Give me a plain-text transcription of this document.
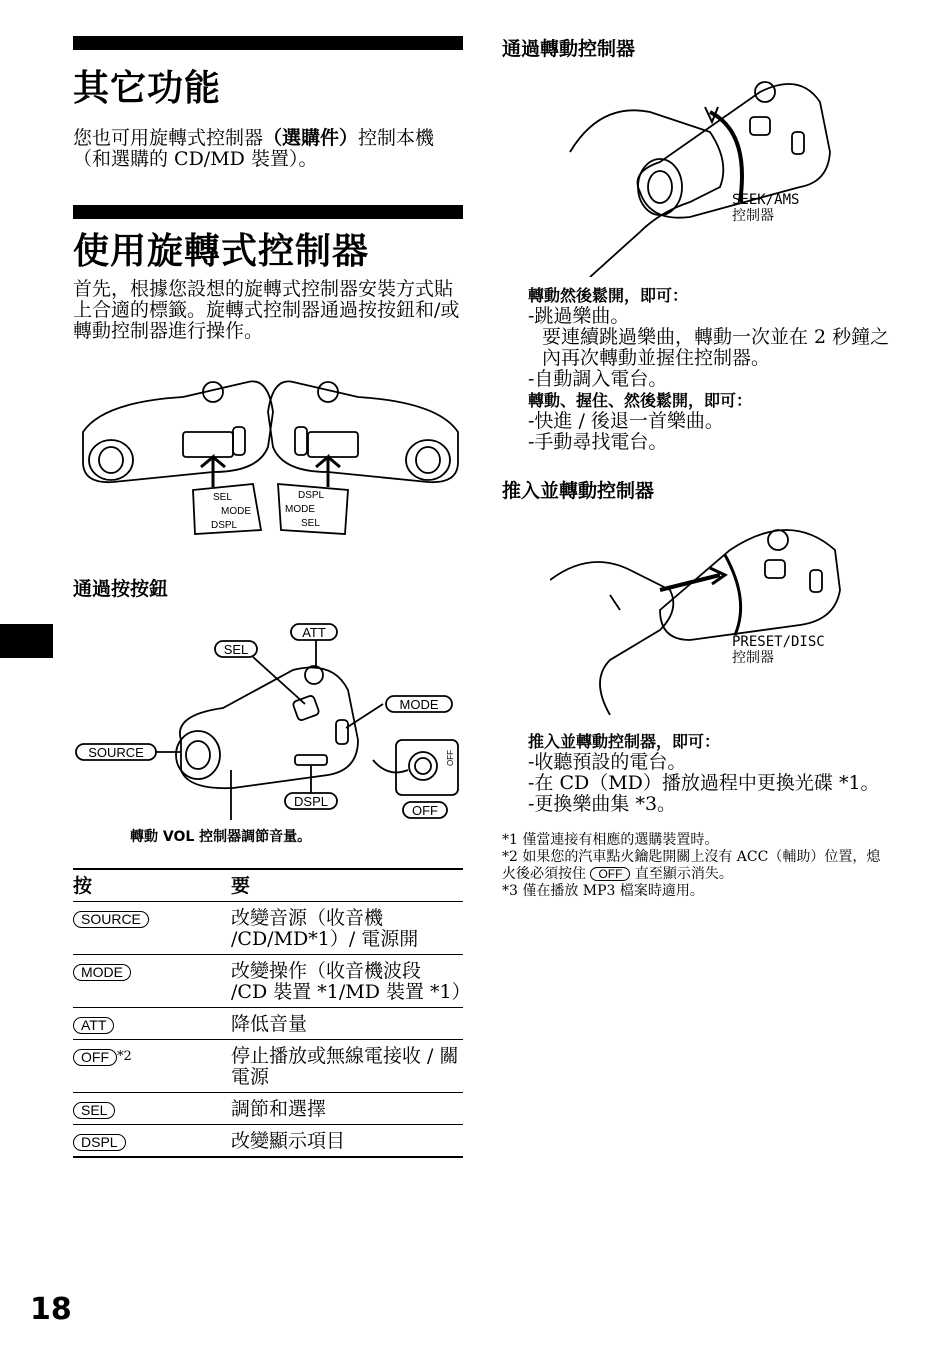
其它功能
您也可用旋轉式控制器（選購件）控制本機（和選購的 CD/MD 裝置）。
使用旋轉式控制器
首先，根據您設想的旋轉式控制器安裝方式貼上合適的標籤。旋轉式控制器通過按按鈕和/或轉動控制器進行操作。
SEL
MODE
DSPL
DSPL
MODE
SEL
通過按按鈕
ATT
SEL
MODE
SOURCE
DSPL
OFF
OFF
轉動 VOL 控制器調節音量。
按	要
SOURCE	改變音源（收音機 /CD/MD*1）/ 電源開
MODE	改變操作（收音機波段 /CD 裝置 *1/MD 裝置 *1）
ATT	降低音量
OFF $^{*2}$	停止播放或無線電接收 / 關電源
SEL	調節和選擇
DSPL	改變顯示項目
18
通過轉動控制器
SEEK/AMS
控制器
轉動然後鬆開，即可：
-跳過樂曲。
要連續跳過樂曲，轉動一次並在 2 秒鐘之內再次轉動並握住控制器。
-自動調入電台。
轉動、握住、然後鬆開，即可：
-快進 / 後退一首樂曲。
-手動尋找電台。
推入並轉動控制器
PRESET/DISC
控制器
推入並轉動控制器，即可：
-收聽預設的電台。
-在 CD（MD）播放過程中更換光碟 *1。
-更換樂曲集 *3。
*1 僅當連接有相應的選購裝置時。
*2 如果您的汽車點火鑰匙開關上沒有 ACC（輔助）位置，熄火後必須按住 OFF 直至顯示消失。
*3 僅在播放 MP3 檔案時適用。
